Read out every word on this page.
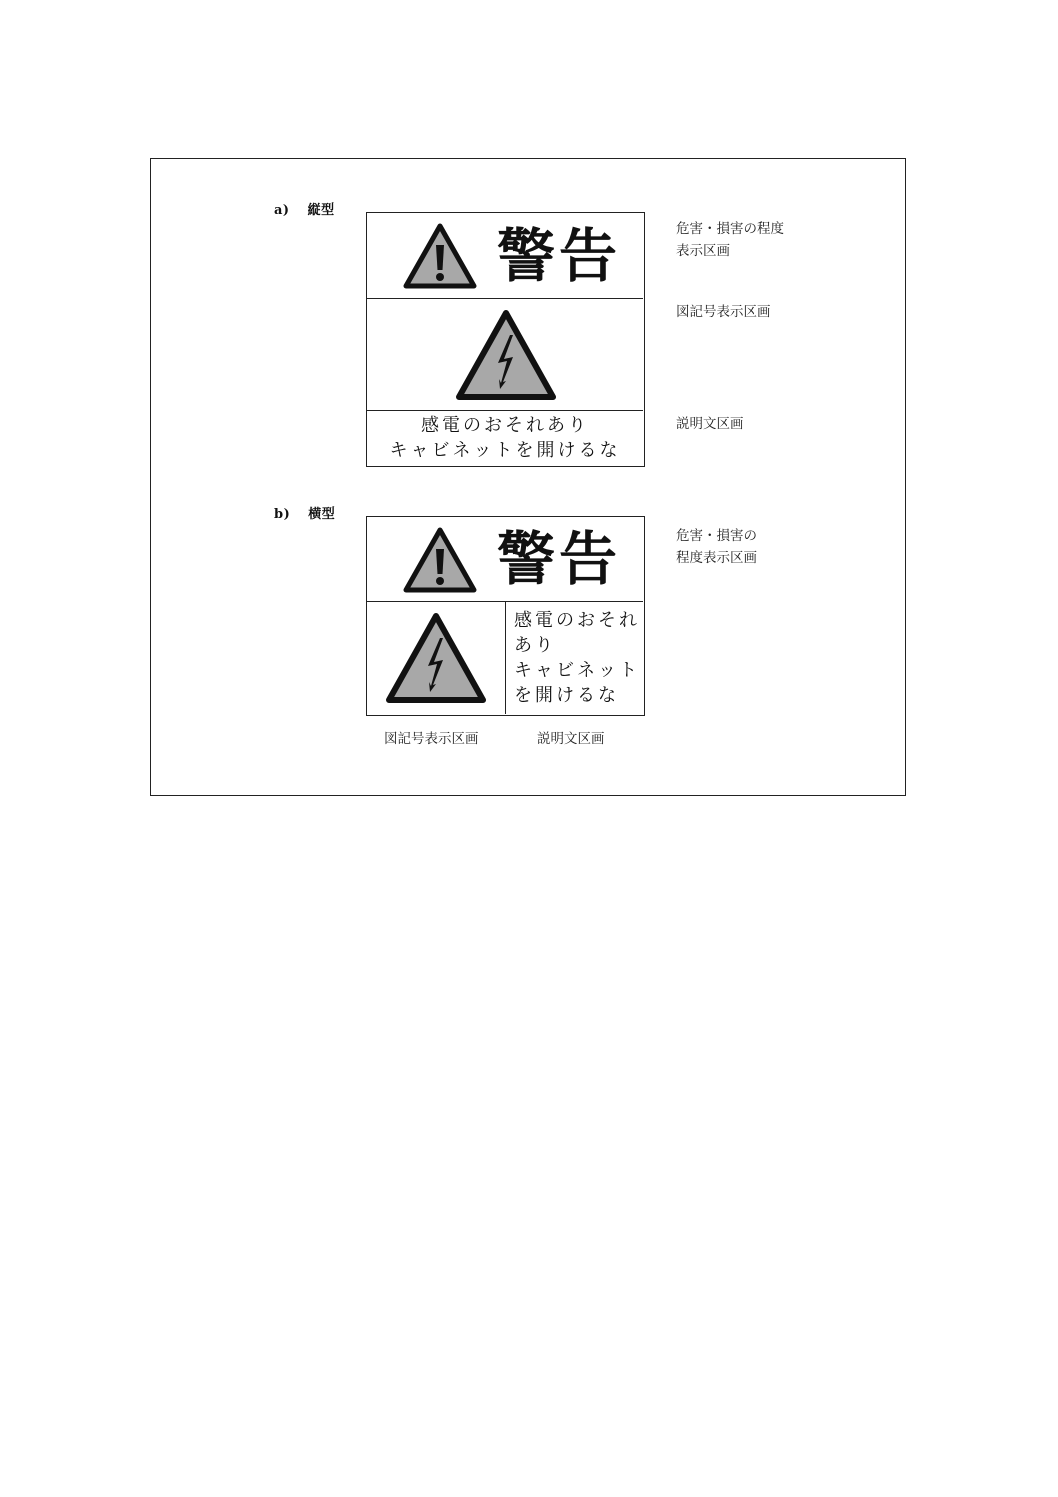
a) 縦型
警告
感電のおそれあり
キャビネットを開けるな
危害・損害の程度
表示区画
図記号表示区画
説明文区画
b) 横型
警告
感電のおそれ
あり
キャビネット
を開けるな
危害・損害の
程度表示区画
図記号表示区画	説明文区画
